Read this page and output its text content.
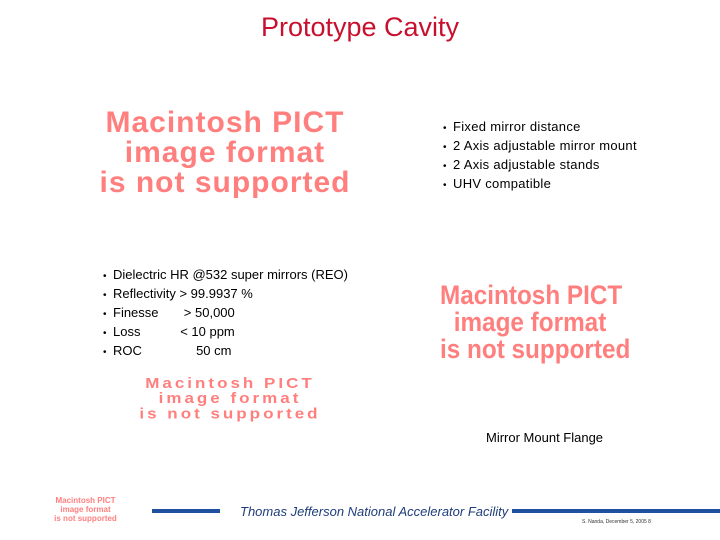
Prototype Cavity
Macintosh PICT
image format
is not supported
• Fixed mirror distance
• 2 Axis adjustable mirror mount
• 2 Axis adjustable stands
• UHV compatible
• Dielectric HR @532 super mirrors (REO)
• Reflectivity > 99.9937 %
• Finesse       > 50,000
• Loss           < 10 ppm
• ROC               50 cm
Macintosh PICT
image format
is not supported
Macintosh PICT
image format
is not supported
Mirror Mount Flange
Macintosh PICT
image format
is not supported	Thomas Jefferson National Accelerator Facility
S. Nanda, December 5, 2005 8
